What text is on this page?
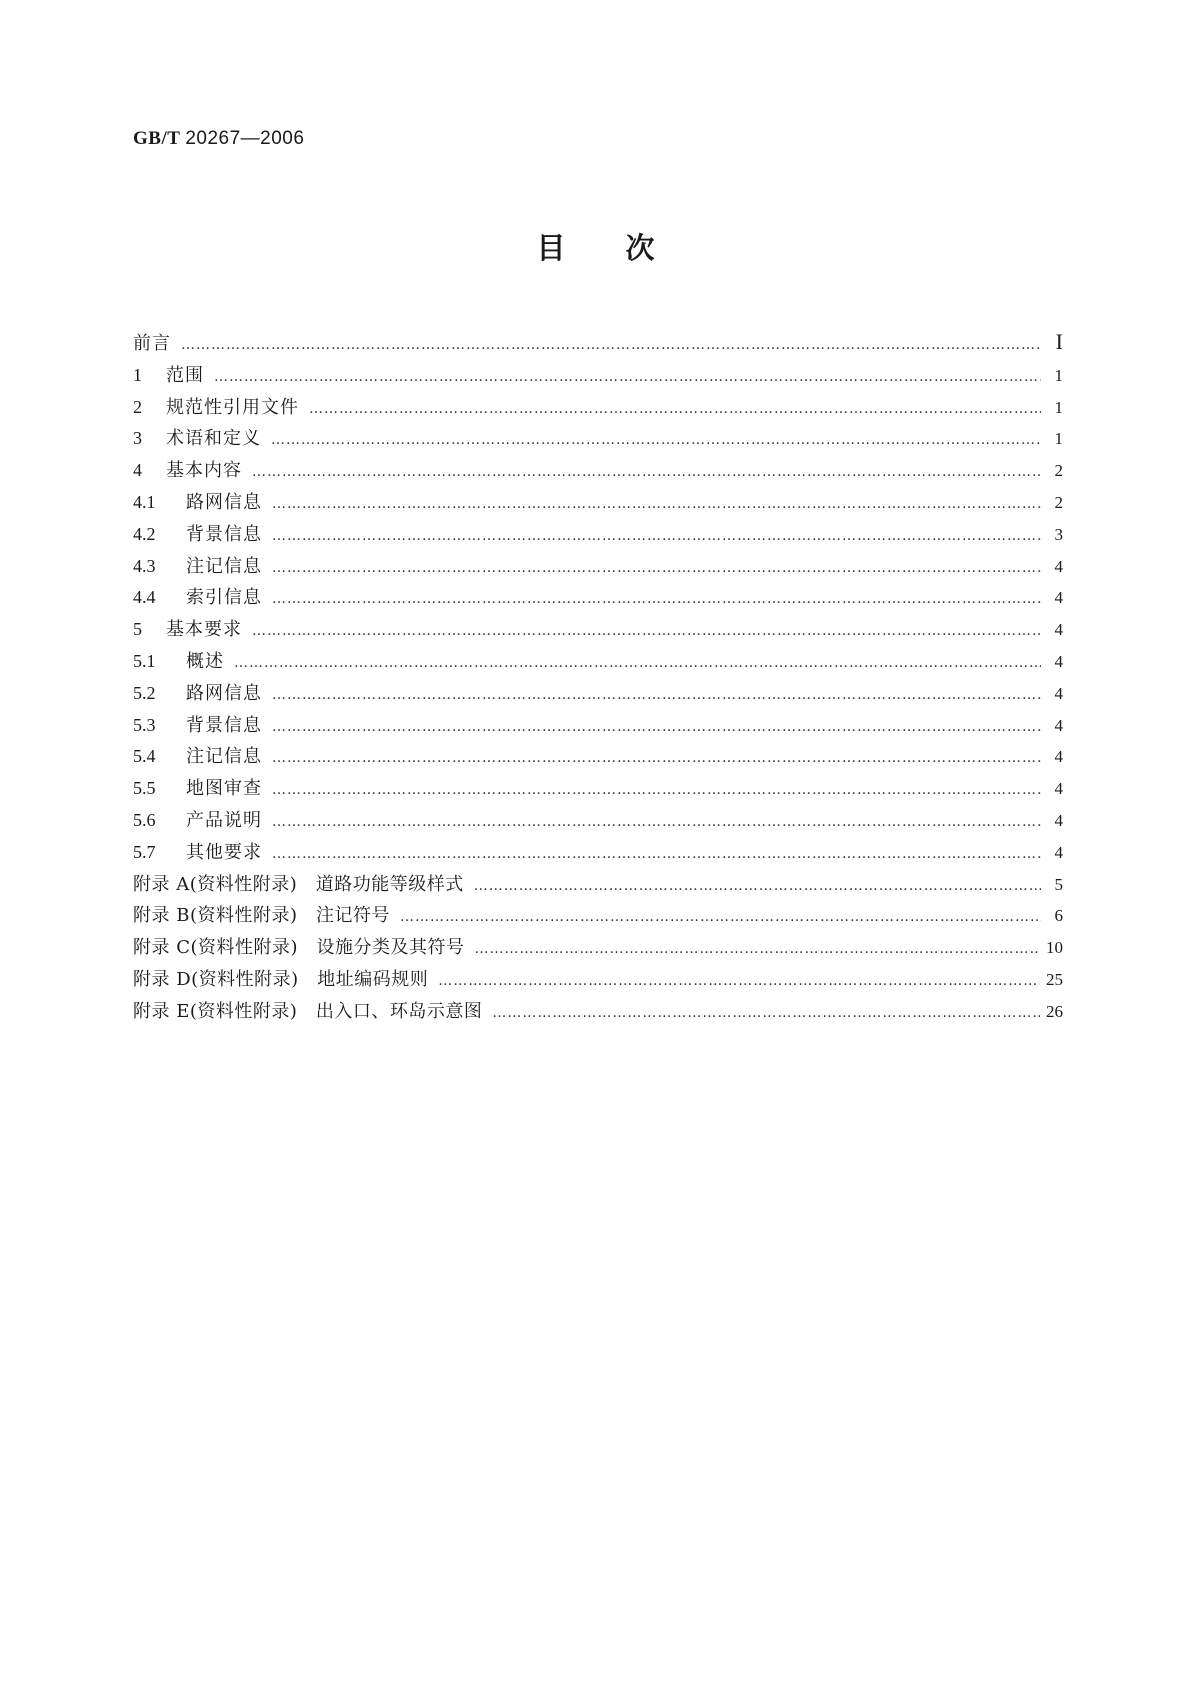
GB/T 20267—2006
目次
前言 ……………………………………………………………………………………………………………………………………………………………………………………………………………………	I
1	范围 ……………………………………………………………………………………………………………………………………………………………………………………………………………………	1
2	规范性引用文件 ……………………………………………………………………………………………………………………………………………………………………………………………………………………	1
3	术语和定义 ……………………………………………………………………………………………………………………………………………………………………………………………………………………	1
4	基本内容 ……………………………………………………………………………………………………………………………………………………………………………………………………………………	2
4.1	路网信息 ……………………………………………………………………………………………………………………………………………………………………………………………………………………	2
4.2	背景信息 ……………………………………………………………………………………………………………………………………………………………………………………………………………………	3
4.3	注记信息 ……………………………………………………………………………………………………………………………………………………………………………………………………………………	4
4.4	索引信息 ……………………………………………………………………………………………………………………………………………………………………………………………………………………	4
5	基本要求 ……………………………………………………………………………………………………………………………………………………………………………………………………………………	4
5.1	概述 ……………………………………………………………………………………………………………………………………………………………………………………………………………………	4
5.2	路网信息 ……………………………………………………………………………………………………………………………………………………………………………………………………………………	4
5.3	背景信息 ……………………………………………………………………………………………………………………………………………………………………………………………………………………	4
5.4	注记信息 ……………………………………………………………………………………………………………………………………………………………………………………………………………………	4
5.5	地图审查 ……………………………………………………………………………………………………………………………………………………………………………………………………………………	4
5.6	产品说明 ……………………………………………………………………………………………………………………………………………………………………………………………………………………	4
5.7	其他要求 ……………………………………………………………………………………………………………………………………………………………………………………………………………………	4
附录 A(资料性附录)　道路功能等级样式 ……………………………………………………………………………………………………………………………………………………………………………………………………………………	5
附录 B(资料性附录)　注记符号 ……………………………………………………………………………………………………………………………………………………………………………………………………………………	6
附录 C(资料性附录)　设施分类及其符号 ……………………………………………………………………………………………………………………………………………………………………………………………………………………	10
附录 D(资料性附录)　地址编码规则 ……………………………………………………………………………………………………………………………………………………………………………………………………………………	25
附录 E(资料性附录)　出入口、环岛示意图 ……………………………………………………………………………………………………………………………………………………………………………………………………………………	26
